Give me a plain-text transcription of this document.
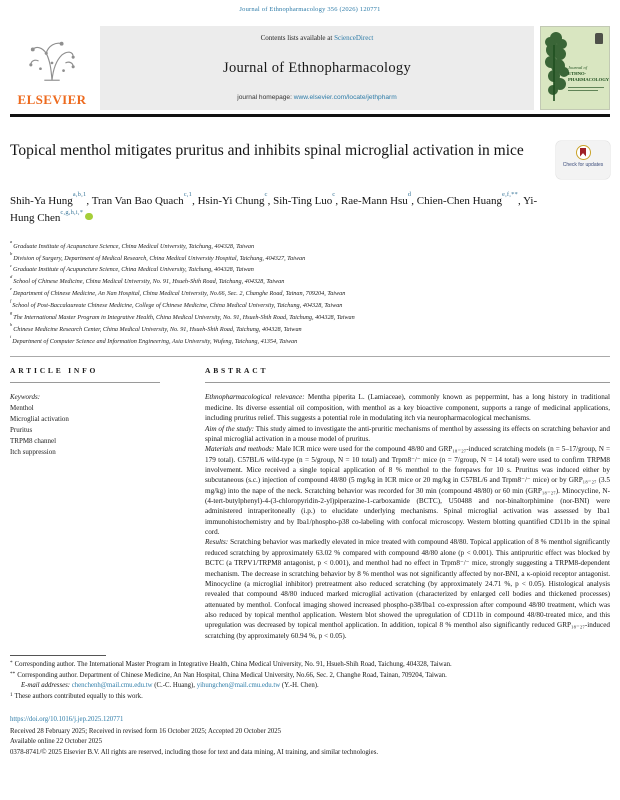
Journal of Ethnopharmacology 356 (2026) 120771
ELSEVIER
Contents lists available at ScienceDirect
Journal of Ethnopharmacology
journal homepage: www.elsevier.com/locate/jethpharm
Journal of
ETHNO-
PHARMACOLOGY
Topical menthol mitigates pruritus and inhibits spinal microglial activation in mice
Check for updates
Shih-Ya Hung$^{a,b,1}$, Tran Van Bao Quach$^{c,1}$, Hsin-Yi Chung$^c$, Sih-Ting Luo$^c$, Rae-Mann Hsu$^d$, Chien-Chen Huang$^{e,f,**}$, Yi-Hung Chen$^{c,g,h,i,*}$
$^a$Graduate Institute of Acupuncture Science, China Medical University, Taichung, 404328, Taiwan
$^b$Division of Surgery, Department of Medical Research, China Medical University Hospital, Taichung, 404327, Taiwan
$^c$Graduate Institute of Acupuncture Science, China Medical University, Taichung, 404328, Taiwan
$^d$School of Chinese Medicine, China Medical University, No. 91, Hsueh-Shih Road, Taichung, 404328, Taiwan
$^e$Department of Chinese Medicine, An Nan Hospital, China Medical University, No.66, Sec. 2, Changhe Road, Tainan, 709204, Taiwan
$^f$School of Post-Baccalaureate Chinese Medicine, College of Chinese Medicine, China Medical University, Taichung, 404328, Taiwan
$^g$The International Master Program in Integrative Health, China Medical University, No. 91, Hsueh-Shih Road, Taichung, 404328, Taiwan
$^h$Chinese Medicine Research Center, China Medical University, No. 91, Hsueh-Shih Road, Taichung, 404328, Taiwan
$^i$Department of Computer Science and Information Engineering, Asia University, Wufeng, Taichung, 41354, Taiwan
ARTICLE INFO
Keywords:
Menthol
Microglial activation
Pruritus
TRPM8 channel
Itch suppression
ABSTRACT

Ethnopharmacological relevance: Mentha piperita L. (Lamiaceae), commonly known as peppermint, has a long history in traditional medicine. Its diverse essential oil composition, with menthol as a key bioactive component, supports a range of medicinal applications, including pruritus relief. This suggests a potential role in modulating itch via neuropharmacological mechanisms.

Aim of the study: This study aimed to investigate the anti-pruritic mechanisms of menthol by assessing its effects on scratching behavior and spinal microglial activation in a mouse model of pruritus.

Materials and methods: Male ICR mice were used for the compound 48/80 and GRP₁₈₋₂₇-induced scratching models (n = 5–17/group, N = 179 total). C57BL/6 wild-type (n = 5/group, N = 10 total) and Trpm8⁻/⁻ mice (n = 7/group, N = 14 total) were used to confirm TRPM8 involvement. Mice received a single topical application of 8 % menthol to the forepaws for 10 s. Pruritus was induced either by subcutaneous (s.c.) injection of compound 48/80 (5 mg/kg in ICR mice or 20 mg/kg in C57BL/6 and Trpm8⁻/⁻ mice) or by GRP₁₈₋₂₇ (3.5 mg/kg) into the nape of the neck. Scratching behavior was recorded for 30 min (compound 48/80) or 60 min (GRP₁₈₋₂₇). Minocycline, N-(4-tert-butylphenyl)-4-(3-chloropyridin-2-yl)piperazine-1-carboxamide (BCTC), U50488 and nor-binaltorphimine (nor-BNI) were administered intraperitoneally (i.p.) to elucidate underlying mechanisms. Spinal microglial activation was assessed by Iba1 immunohistochemistry and by Iba1/phospho-p38 co-labeling with confocal microscopy. Western blotting quantified CD11b in the spinal cord.

Results: Scratching behavior was markedly elevated in mice treated with compound 48/80. Topical application of 8 % menthol significantly reduced scratching by approximately 63.02 % compared with compound 48/80 alone (p < 0.001). This antipruritic effect was blocked by BCTC (a TRPV1/TRPM8 antagonist, p < 0.001), and menthol had no effect in Trpm8⁻/⁻ mice, strongly suggesting a TRPM8-dependent mechanism. The decrease in scratching behavior by 8 % menthol was not significantly affected by nor-BNI, a κ-opioid receptor antagonist. Minocycline (a microglial inhibitor) pretreatment also reduced scratching (by approximately 24.71 %, p < 0.05). Histological analysis revealed that compound 48/80 induced marked microglial activation (characterized by enlarged cell bodies and thickened processes) attenuated by menthol. Confocal imaging showed increased phospho-p38/Iba1 co-expression after compound 48/80 treatment, which was also reduced by topical menthol application. Western blot showed the upregulation of CD11b in compound 48/80-treated mice, and this upregulation was decreased by topical menthol application. In addition, topical 8 % menthol also significantly reduced GRP₁₈₋₂₇-induced scratching (by approximately 60.94 %, p < 0.05).

* Corresponding author. The International Master Program in Integrative Health, China Medical University, No. 91, Hsueh-Shih Road, Taichung, 404328, Taiwan.
** Corresponding author. Department of Chinese Medicine, An Nan Hospital, China Medical University, No.66, Sec. 2, Changhe Road, Tainan, 709204, Taiwan.
E-mail addresses: chenchenh@mail.cmu.edu.tw (C.-C. Huang), yihungchen@mail.cmu.edu.tw (Y.-H. Chen).
$^1$ These authors contributed equally to this work.
https://doi.org/10.1016/j.jep.2025.120771
Received 28 February 2025; Received in revised form 16 October 2025; Accepted 20 October 2025
Available online 22 October 2025
0378-8741/© 2025 Elsevier B.V. All rights are reserved, including those for text and data mining, AI training, and similar technologies.
